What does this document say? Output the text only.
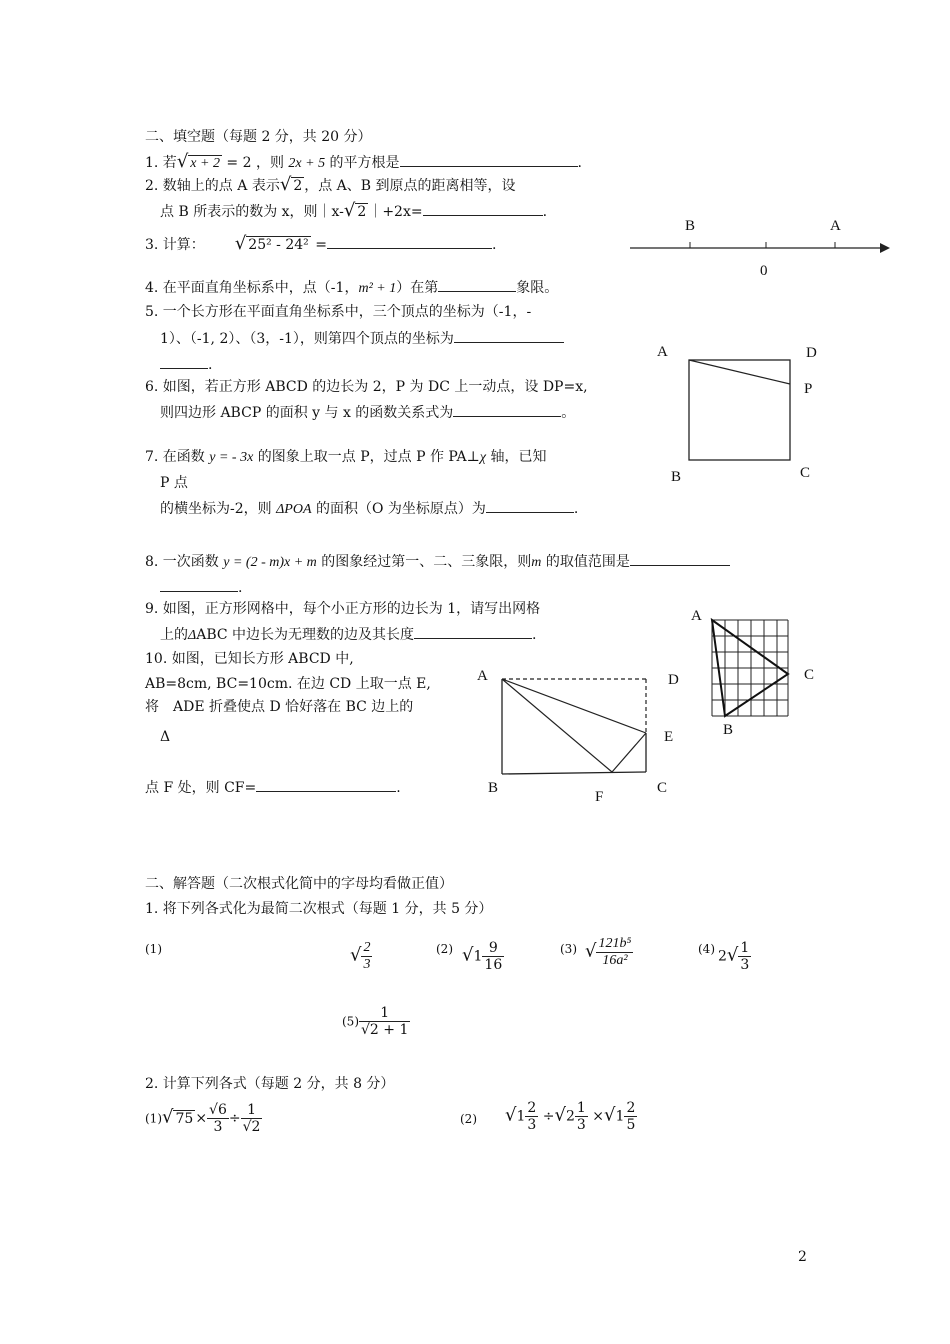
二、填空题（每题 2 分，共 20 分）
1. 若√ x + 2 = 2 ，则 2x + 5 的平方根是	.
2. 数轴上的点 A 表示√ 2 ，点 A、B 到原点的距离相等，设
点 B 所表示的数为 x，则｜x-√ 2 ｜+2x=	.
3. 计算： √ 25² - 24² =	.
4. 在平面直角坐标系中，点（-1，m² + 1）在第	象限。
5. 一个长方形在平面直角坐标系中，三个顶点的坐标为（-1，-
1）、（-1, 2）、（3，-1），则第四个顶点的坐标为
.
6. 如图，若正方形 ABCD 的边长为 2，P 为 DC 上一动点，设 DP=x,
则四边形 ABCP 的面积 y 与 x 的函数关系式为	。
7. 在函数 y = - 3x 的图象上取一点 P，过点 P 作 PA⊥χ 轴，已知
P 点
的横坐标为-2，则 ΔPOA 的面积（O 为坐标原点）为	.
8. 一次函数 y = (2 - m)x + m 的图象经过第一、二、三象限，则m 的取值范围是
.
9. 如图，正方形网格中，每个小正方形的边长为 1，请写出网格
上的ΔABC 中边长为无理数的边及其长度	.
10. 如图，已知长方形 ABCD 中,
AB=8cm, BC=10cm. 在边 CD 上取一点 E,
将　ADE 折叠使点 D 恰好落在 BC 边上的
Δ
点 F 处，则 CF=	.
B	A
0
A	D
P
B	C
A
C
B
A	D
E
B
F
C
二、解答题（二次根式化简中的字母均看做正值）
1. 将下列各式化为最简二次根式（每题 1 分，共 5 分）
(1)	√ $\frac{2}{3}$	(2) $√1 \frac{9}{16}$	(3) √ $\frac{\text{121b⁵}}{\text{16a²}}$	(4) $2√ \frac{1}{3}$
$(5) \frac{1}{√2 + 1}$
2. 计算下列各式（每题 2 分，共 8 分）
(1)√ $75 \times \frac{√6}{3} \div \frac{1}{√2}$	(2) $√1 \frac{2}{3} \div√2 \frac{1}{3} \times√1 \frac{2}{5}$
2
